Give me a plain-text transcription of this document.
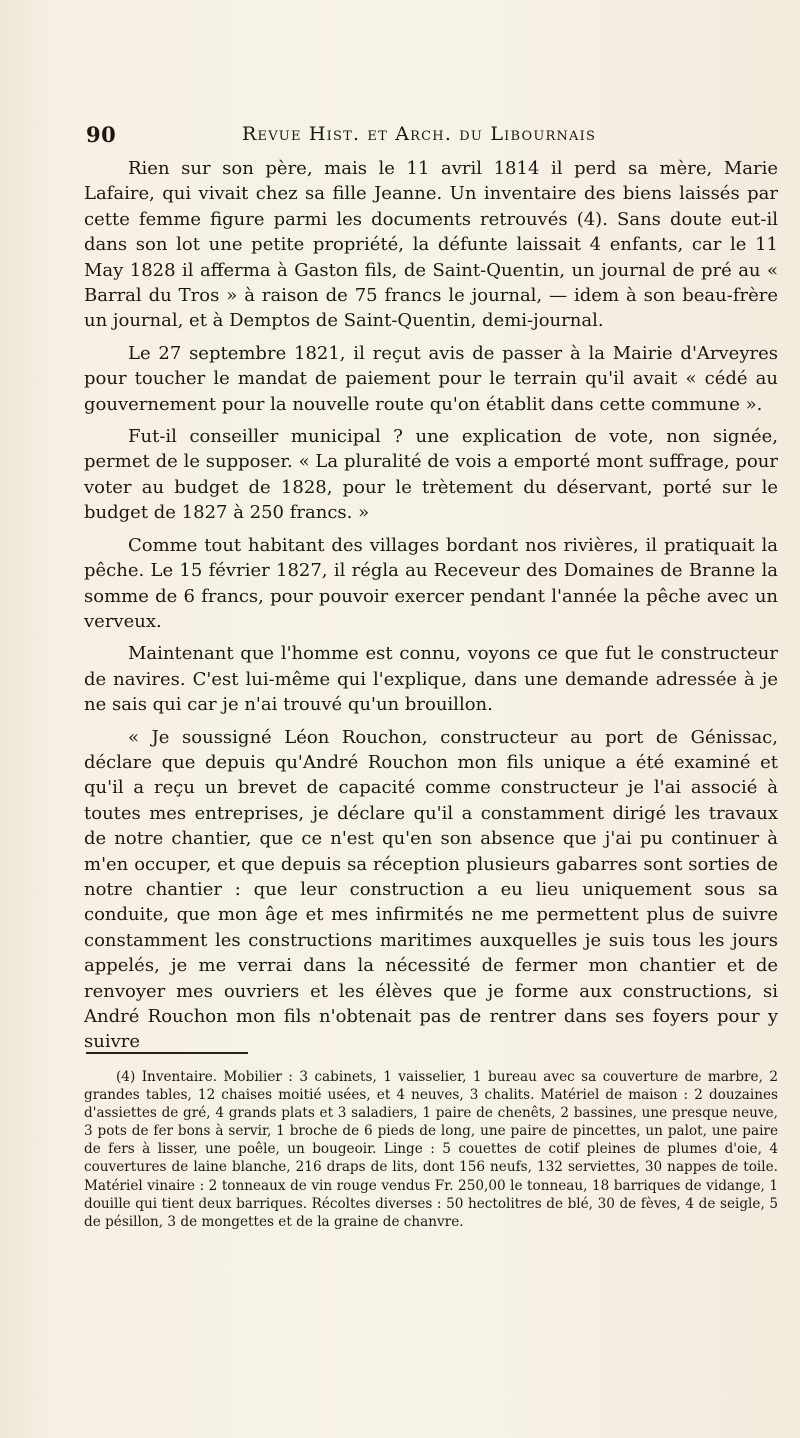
90	Revue Hist. et Arch. du Libournais

Rien sur son père, mais le 11 avril 1814 il perd sa mère, Marie Lafaire, qui vivait chez sa fille Jeanne. Un inventaire des biens laissés par cette femme figure parmi les documents retrouvés (4). Sans doute eut-il dans son lot une petite propriété, la défunte laissait 4 enfants, car le 11 May 1828 il afferma à Gaston fils, de Saint-Quentin, un journal de pré au « Barral du Tros » à raison de 75 francs le journal, — idem à son beau-frère un journal, et à Demptos de Saint-Quentin, demi-journal.

Le 27 septembre 1821, il reçut avis de passer à la Mairie d'Arveyres pour toucher le mandat de paiement pour le terrain qu'il avait « cédé au gouvernement pour la nouvelle route qu'on établit dans cette commune ».

Fut-il conseiller municipal ? une explication de vote, non signée, permet de le supposer. « La pluralité de vois a emporté mont suffrage, pour voter au budget de 1828, pour le trètement du déservant, porté sur le budget de 1827 à 250 francs. »

Comme tout habitant des villages bordant nos rivières, il pratiquait la pêche. Le 15 février 1827, il régla au Receveur des Domaines de Branne la somme de 6 francs, pour pouvoir exercer pendant l'année la pêche avec un verveux.

Maintenant que l'homme est connu, voyons ce que fut le constructeur de navires. C'est lui-même qui l'explique, dans une demande adressée à je ne sais qui car je n'ai trouvé qu'un brouillon.

« Je soussigné Léon Rouchon, constructeur au port de Génissac, déclare que depuis qu'André Rouchon mon fils unique a été examiné et qu'il a reçu un brevet de capacité comme constructeur je l'ai associé à toutes mes entreprises, je déclare qu'il a constamment dirigé les travaux de notre chantier, que ce n'est qu'en son absence que j'ai pu continuer à m'en occuper, et que depuis sa réception plusieurs gabarres sont sorties de notre chantier : que leur construction a eu lieu uniquement sous sa conduite, que mon âge et mes infirmités ne me permettent plus de suivre constamment les constructions maritimes auxquelles je suis tous les jours appelés, je me verrai dans la nécessité de fermer mon chantier et de renvoyer mes ouvriers et les élèves que je forme aux constructions, si André Rouchon mon fils n'obtenait pas de rentrer dans ses foyers pour y suivre

(4) Inventaire. Mobilier : 3 cabinets, 1 vaisselier, 1 bureau avec sa couverture de marbre, 2 grandes tables, 12 chaises moitié usées, et 4 neuves, 3 chalits. Matériel de maison : 2 douzaines d'assiettes de gré, 4 grands plats et 3 saladiers, 1 paire de chenêts, 2 bassines, une presque neuve, 3 pots de fer bons à servir, 1 broche de 6 pieds de long, une paire de pincettes, un palot, une paire de fers à lisser, une poêle, un bougeoir. Linge : 5 couettes de cotif pleines de plumes d'oie, 4 couvertures de laine blanche, 216 draps de lits, dont 156 neufs, 132 serviettes, 30 nappes de toile. Matériel vinaire : 2 tonneaux de vin rouge vendus Fr. 250,00 le tonneau, 18 barriques de vidange, 1 douille qui tient deux barriques. Récoltes diverses : 50 hectolitres de blé, 30 de fèves, 4 de seigle, 5 de pésillon, 3 de mongettes et de la graine de chanvre.
